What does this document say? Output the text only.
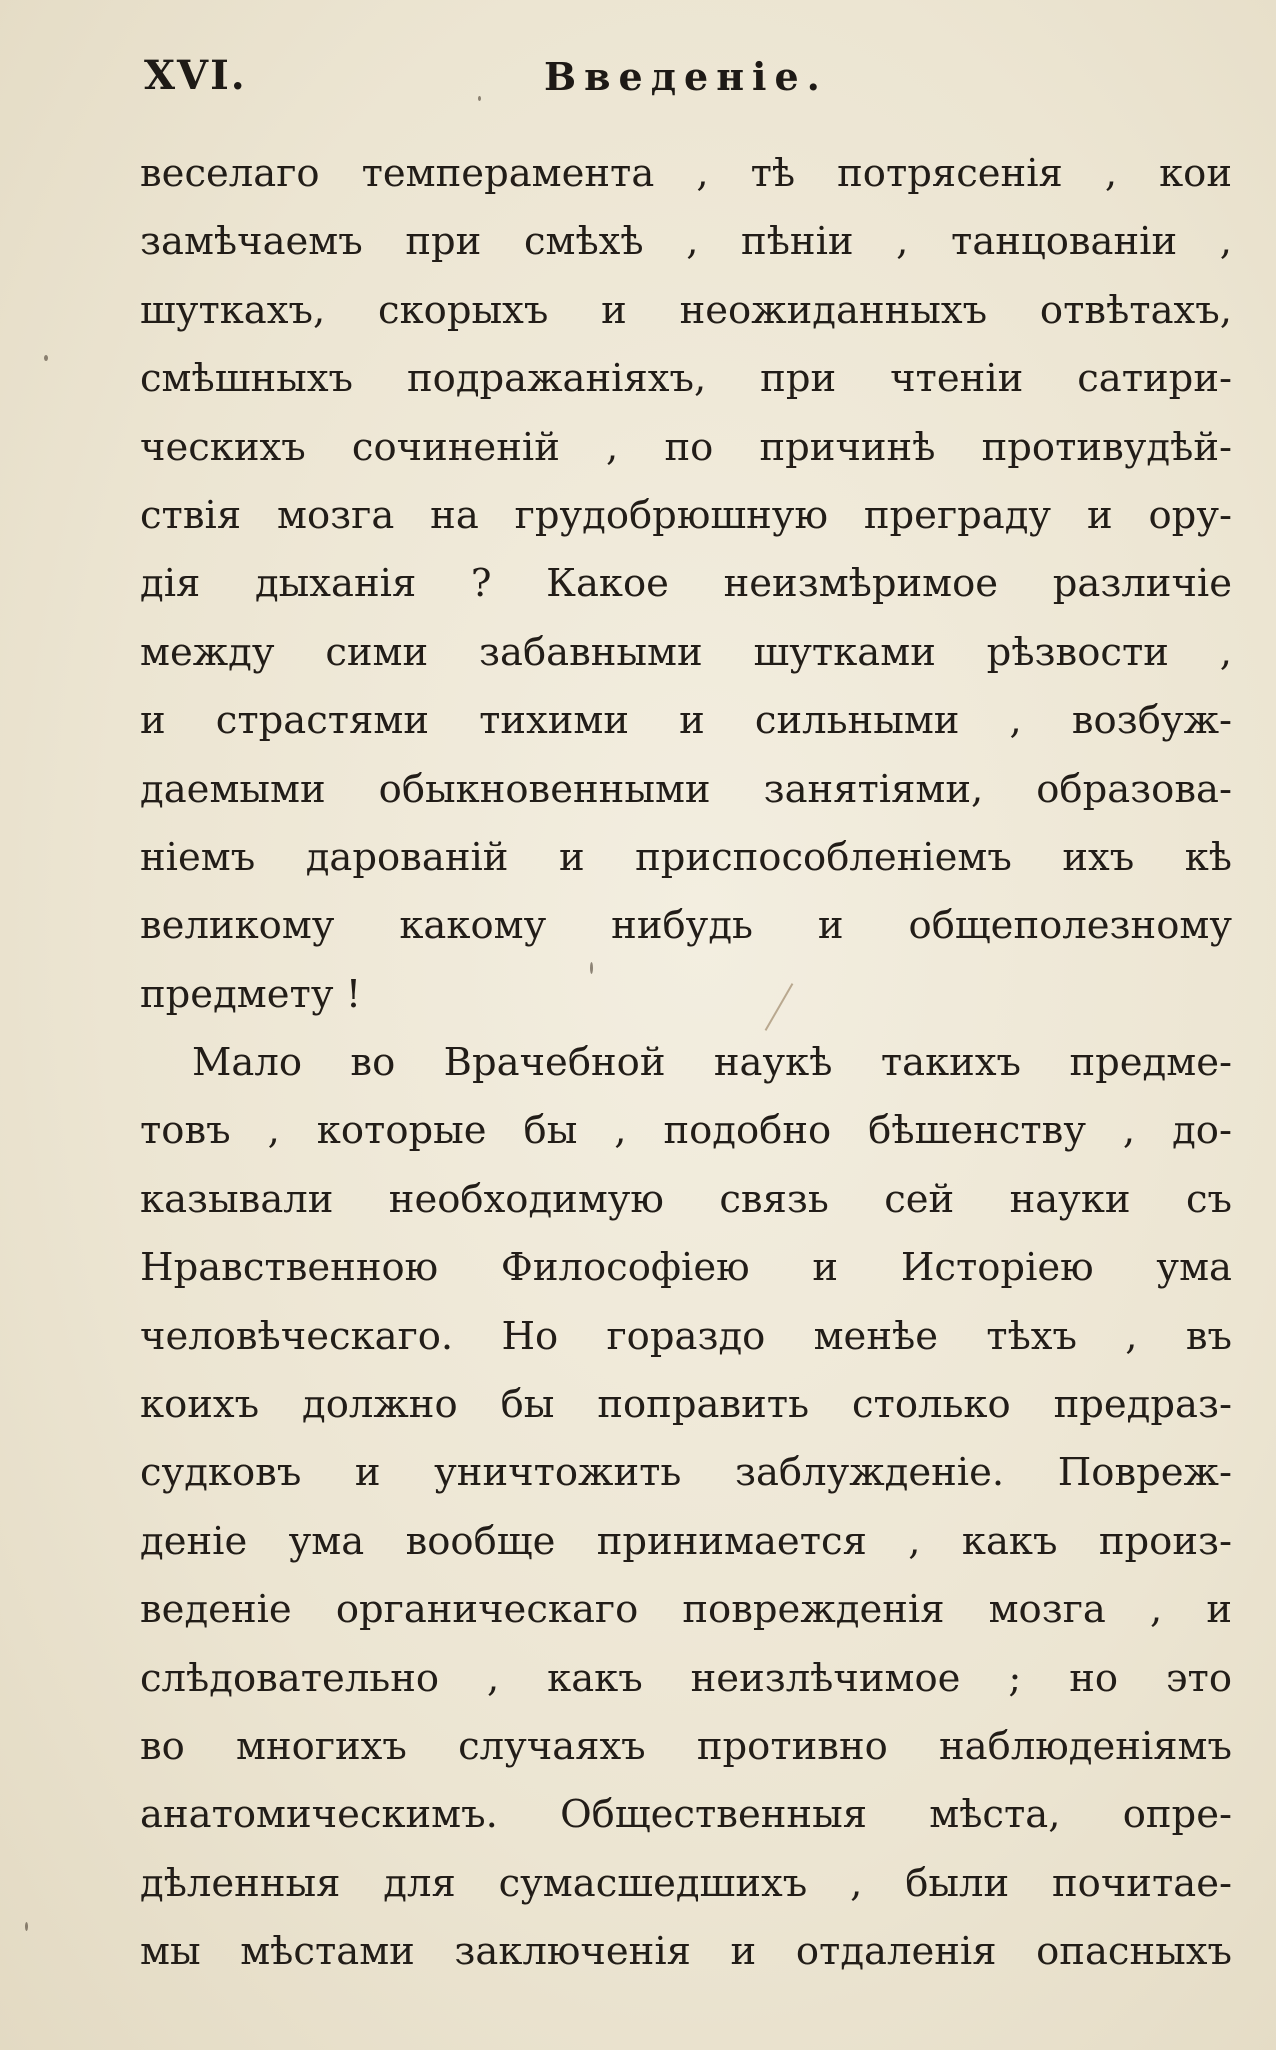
XVI.	Введеніе.
веселаго темперамента , тѣ потрясенія , кои
замѣчаемъ при смѣхѣ , пѣніи , танцованіи ,
шуткахъ, скорыхъ и неожиданныхъ отвѣтахъ,
смѣшныхъ подражаніяхъ, при чтеніи сатири-
ческихъ сочиненій , по причинѣ противудѣй-
ствія мозга на грудобрюшную преграду и ору-
дія дыханія ? Какое неизмѣримое различіе
между сими забавными шутками рѣзвости ,
и страстями тихими и сильными , возбуж-
даемыми обыкновенными занятіями, образова-
ніемъ дарованій и приспособленіемъ ихъ кѣ
великому какому нибудь и общеполезному
предмету !
Мало во Врачебной наукѣ такихъ предме-
товъ , которые бы , подобно бѣшенству , до-
казывали необходимую связь сей науки съ
Нравственною Философіею и Исторіею ума
человѣческаго. Но гораздо менѣе тѣхъ , въ
коихъ должно бы поправить столько предраз-
судковъ и уничтожить заблужденіе. Повреж-
деніе ума вообще принимается , какъ произ-
веденіе органическаго поврежденія мозга , и
слѣдовательно , какъ неизлѣчимое ; но это
во многихъ случаяхъ противно наблюденіямъ
анатомическимъ. Общественныя мѣста, опре-
дѣленныя для сумасшедшихъ , были почитае-
мы мѣстами заключенія и отдаленія опасныхъ
